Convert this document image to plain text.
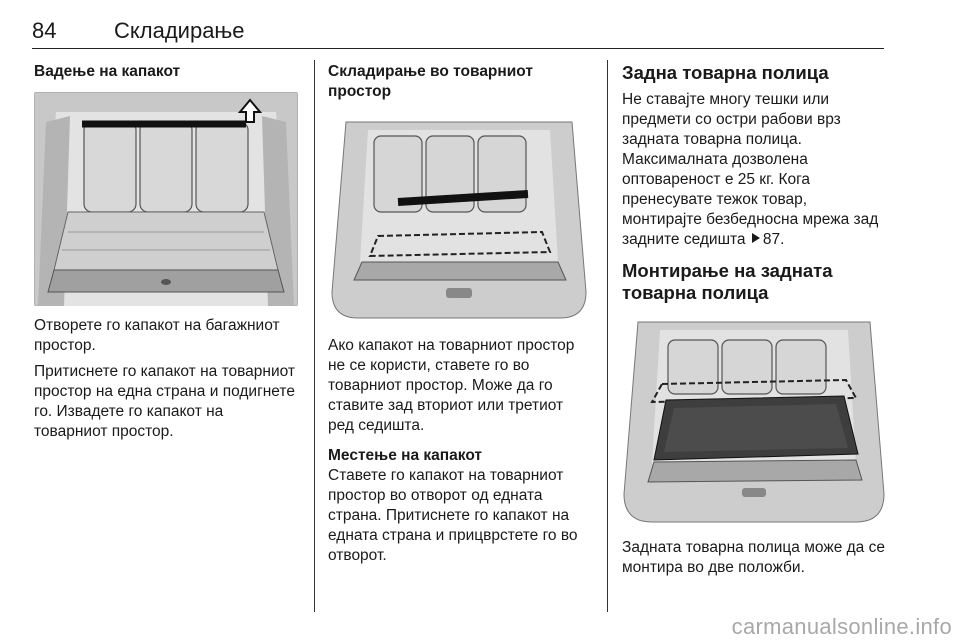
84	Складирање
Вадење на капакот

Отворете го капакот на багажниот простор.

Притиснете го капакот на товарниот простор на една страна и подигнете го. Извадете го капакот на товарниот простор.

Складирање во товарниот простор

Ако капакот на товарниот простор не се користи, ставете го во товарниот простор. Може да го ставите зад вториот или третиот ред седишта.

Местење на капакот

Ставете го капакот на товарниот простор во отворот од едната страна. Притиснете го капакот на едната страна и прицврстете го во отворот.

Задна товарна полица

Не ставајте многу тешки или предмети со остри рабови врз задната товарна полица. Максималната дозволена оптовареност е 25 кг. Кога пренесувате тежок товар, монтирајте безбедносна мрежа зад задните седишта 87.

Монтирање на задната товарна полица

Задната товарна полица може да се монтира во две положби.

carmanualsonline.info
